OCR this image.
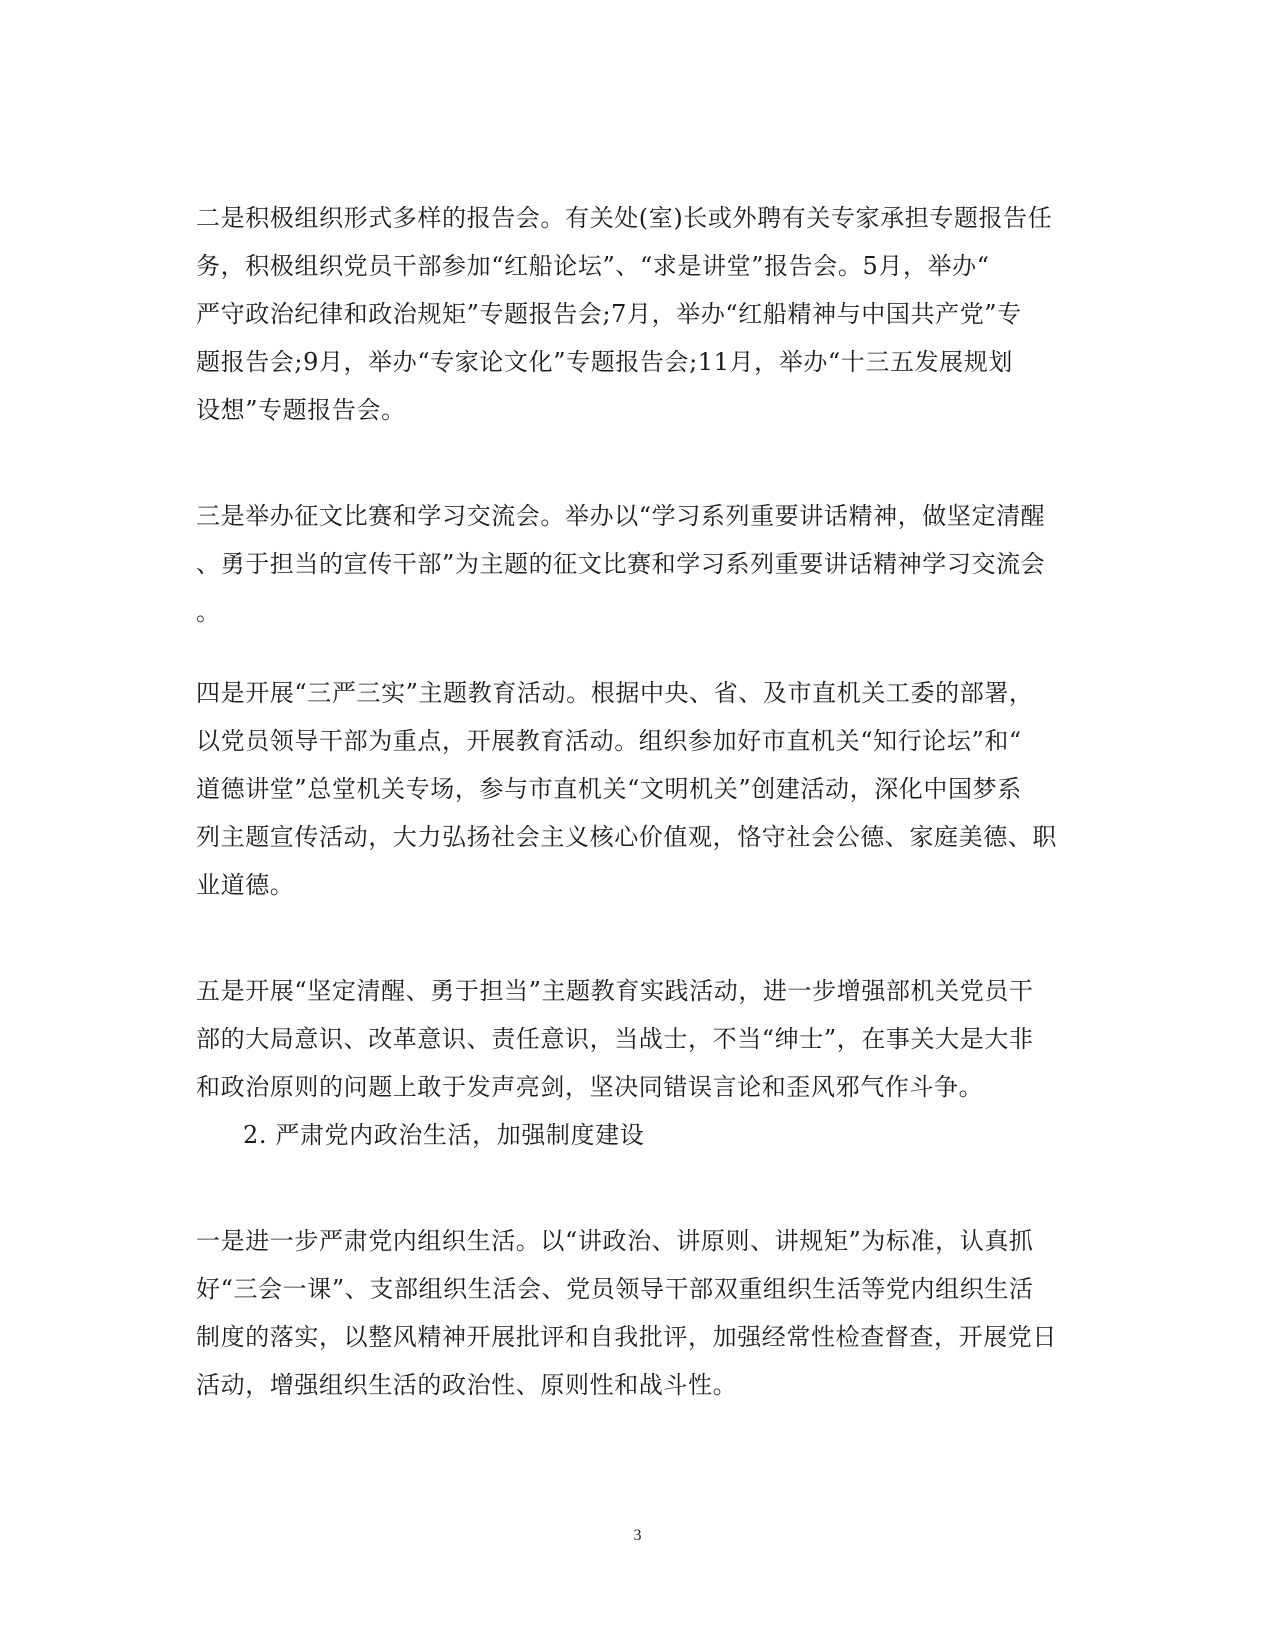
二是积极组织形式多样的报告会。有关处(室)长或外聘有关专家承担专题报告任
务，积极组织党员干部参加“红船论坛”、“求是讲堂”报告会。5月，举办“
严守政治纪律和政治规矩”专题报告会;7月，举办“红船精神与中国共产党”专
题报告会;9月，举办“专家论文化”专题报告会;11月，举办“十三五发展规划
设想”专题报告会。
三是举办征文比赛和学习交流会。举办以“学习系列重要讲话精神，做坚定清醒
、勇于担当的宣传干部”为主题的征文比赛和学习系列重要讲话精神学习交流会
。
四是开展“三严三实”主题教育活动。根据中央、省、及市直机关工委的部署，
以党员领导干部为重点，开展教育活动。组织参加好市直机关“知行论坛”和“
道德讲堂”总堂机关专场，参与市直机关“文明机关”创建活动，深化中国梦系
列主题宣传活动，大力弘扬社会主义核心价值观，恪守社会公德、家庭美德、职
业道德。
五是开展“坚定清醒、勇于担当”主题教育实践活动，进一步增强部机关党员干
部的大局意识、改革意识、责任意识，当战士，不当“绅士”，在事关大是大非
和政治原则的问题上敢于发声亮剑，坚决同错误言论和歪风邪气作斗争。
2. 严肃党内政治生活，加强制度建设
一是进一步严肃党内组织生活。以“讲政治、讲原则、讲规矩”为标准，认真抓
好“三会一课”、支部组织生活会、党员领导干部双重组织生活等党内组织生活
制度的落实，以整风精神开展批评和自我批评，加强经常性检查督查，开展党日
活动，增强组织生活的政治性、原则性和战斗性。
3
